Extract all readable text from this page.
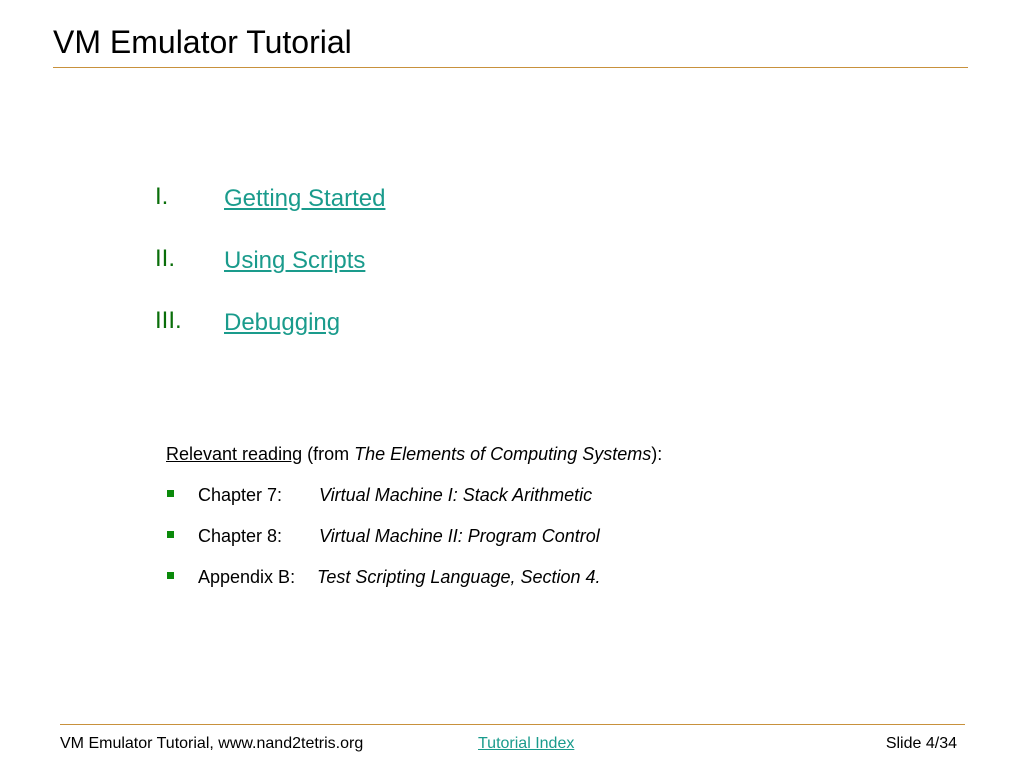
VM Emulator Tutorial
I. Getting Started
II. Using Scripts
III. Debugging
Relevant reading (from The Elements of Computing Systems):
Chapter 7: Virtual Machine I: Stack Arithmetic
Chapter 8: Virtual Machine II: Program Control
Appendix B: Test Scripting Language, Section 4.
VM Emulator Tutorial, www.nand2tetris.org	Tutorial Index	Slide 4/34
